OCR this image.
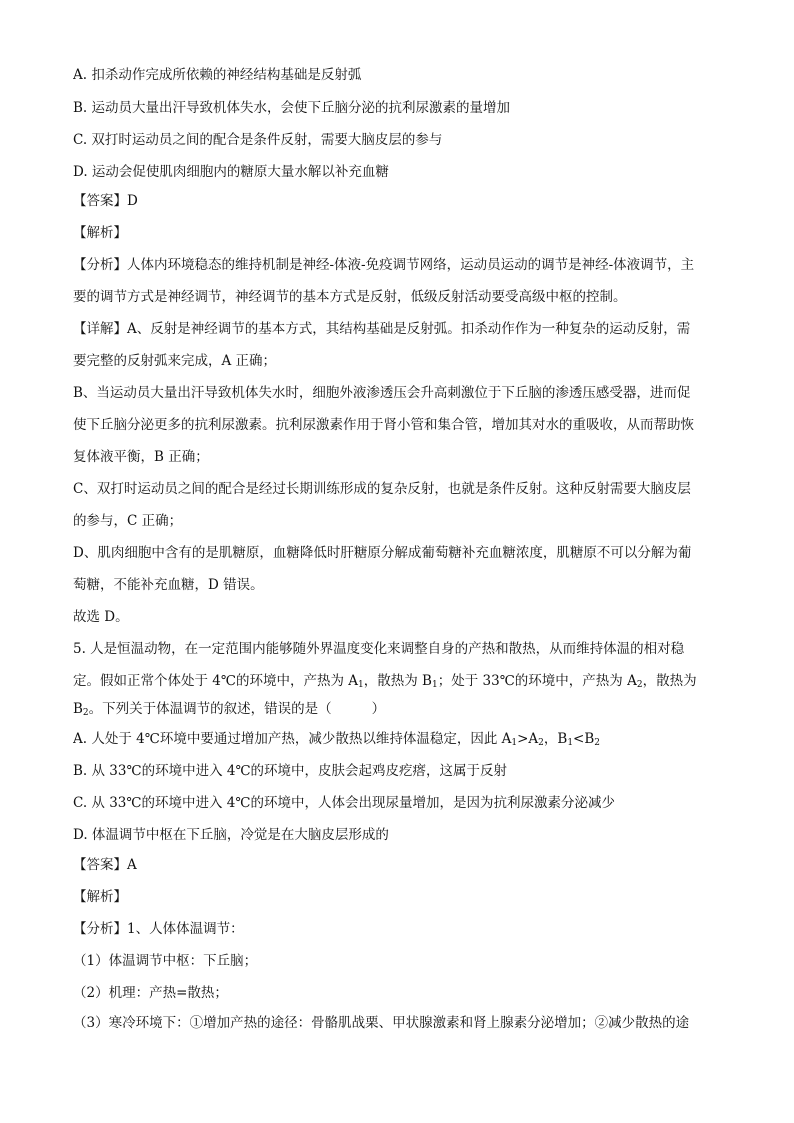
A. 扣杀动作完成所依赖的神经结构基础是反射弧
B. 运动员大量出汗导致机体失水，会使下丘脑分泌的抗利尿激素的量增加
C. 双打时运动员之间的配合是条件反射，需要大脑皮层的参与
D. 运动会促使肌肉细胞内的糖原大量水解以补充血糖
【答案】D
【解析】
【分析】人体内环境稳态的维持机制是神经-体液-免疫调节网络，运动员运动的调节是神经-体液调节，主
要的调节方式是神经调节，神经调节的基本方式是反射，低级反射活动要受高级中枢的控制。
【详解】A、反射是神经调节的基本方式，其结构基础是反射弧。扣杀动作作为一种复杂的运动反射，需
要完整的反射弧来完成，A 正确；
B、当运动员大量出汗导致机体失水时，细胞外液渗透压会升高刺激位于下丘脑的渗透压感受器，进而促
使下丘脑分泌更多的抗利尿激素。抗利尿激素作用于肾小管和集合管，增加其对水的重吸收，从而帮助恢
复体液平衡，B 正确；
C、双打时运动员之间的配合是经过长期训练形成的复杂反射，也就是条件反射。这种反射需要大脑皮层
的参与，C 正确；
D、肌肉细胞中含有的是肌糖原，血糖降低时肝糖原分解成葡萄糖补充血糖浓度，肌糖原不可以分解为葡
萄糖，不能补充血糖，D 错误。
故选 D。
5. 人是恒温动物，在一定范围内能够随外界温度变化来调整自身的产热和散热，从而维持体温的相对稳
定。假如正常个体处于 4℃的环境中，产热为 $A_1$，散热为 $B_1$；处于 33℃的环境中，产热为 $A_2$，散热为
$B_2$。下列关于体温调节的叙述，错误的是（	）
A. 人处于 4℃环境中要通过增加产热，减少散热以维持体温稳定，因此 $A_1>A_2$，$B_1<B_2$
B. 从 33℃的环境中进入 4℃的环境中，皮肤会起鸡皮疙瘩，这属于反射
C. 从 33℃的环境中进入 4℃的环境中，人体会出现尿量增加，是因为抗利尿激素分泌减少
D. 体温调节中枢在下丘脑，冷觉是在大脑皮层形成的
【答案】A
【解析】
【分析】1、人体体温调节：
（1）体温调节中枢：下丘脑；
（2）机理：产热=散热；
（3）寒冷环境下：①增加产热的途径：骨骼肌战栗、甲状腺激素和肾上腺素分泌增加；②减少散热的途
